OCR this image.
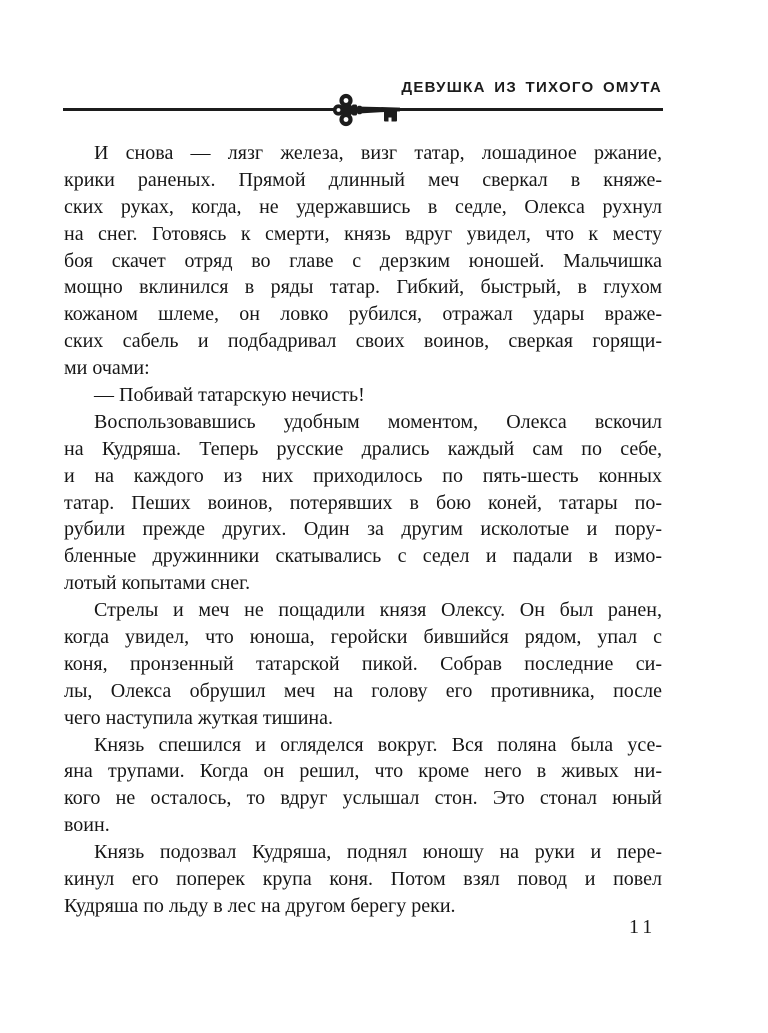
ДЕВУШКА ИЗ ТИХОГО ОМУТА
И снова — лязг железа, визг татар, лошадиное ржание,
крики раненых. Прямой длинный меч сверкал в княже-
ских руках, когда, не удержавшись в седле, Олекса рухнул
на снег. Готовясь к смерти, князь вдруг увидел, что к месту
боя скачет отряд во главе с дерзким юношей. Мальчишка
мощно вклинился в ряды татар. Гибкий, быстрый, в глухом
кожаном шлеме, он ловко рубился, отражал удары враже-
ских сабель и подбадривал своих воинов, сверкая горящи-
ми очами:
— Побивай татарскую нечисть!
Воспользовавшись удобным моментом, Олекса вскочил
на Кудряша. Теперь русские дрались каждый сам по себе,
и на каждого из них приходилось по пять-шесть конных
татар. Пеших воинов, потерявших в бою коней, татары по-
рубили прежде других. Один за другим исколотые и пору-
бленные дружинники скатывались с седел и падали в измо-
лотый копытами снег.
Стрелы и меч не пощадили князя Олексу. Он был ранен,
когда увидел, что юноша, геройски бившийся рядом, упал с
коня, пронзенный татарской пикой. Собрав последние си-
лы, Олекса обрушил меч на голову его противника, после
чего наступила жуткая тишина.
Князь спешился и огляделся вокруг. Вся поляна была усе-
яна трупами. Когда он решил, что кроме него в живых ни-
кого не осталось, то вдруг услышал стон. Это стонал юный
воин.
Князь подозвал Кудряша, поднял юношу на руки и пере-
кинул его поперек крупа коня. Потом взял повод и повел
Кудряша по льду в лес на другом берегу реки.
11
